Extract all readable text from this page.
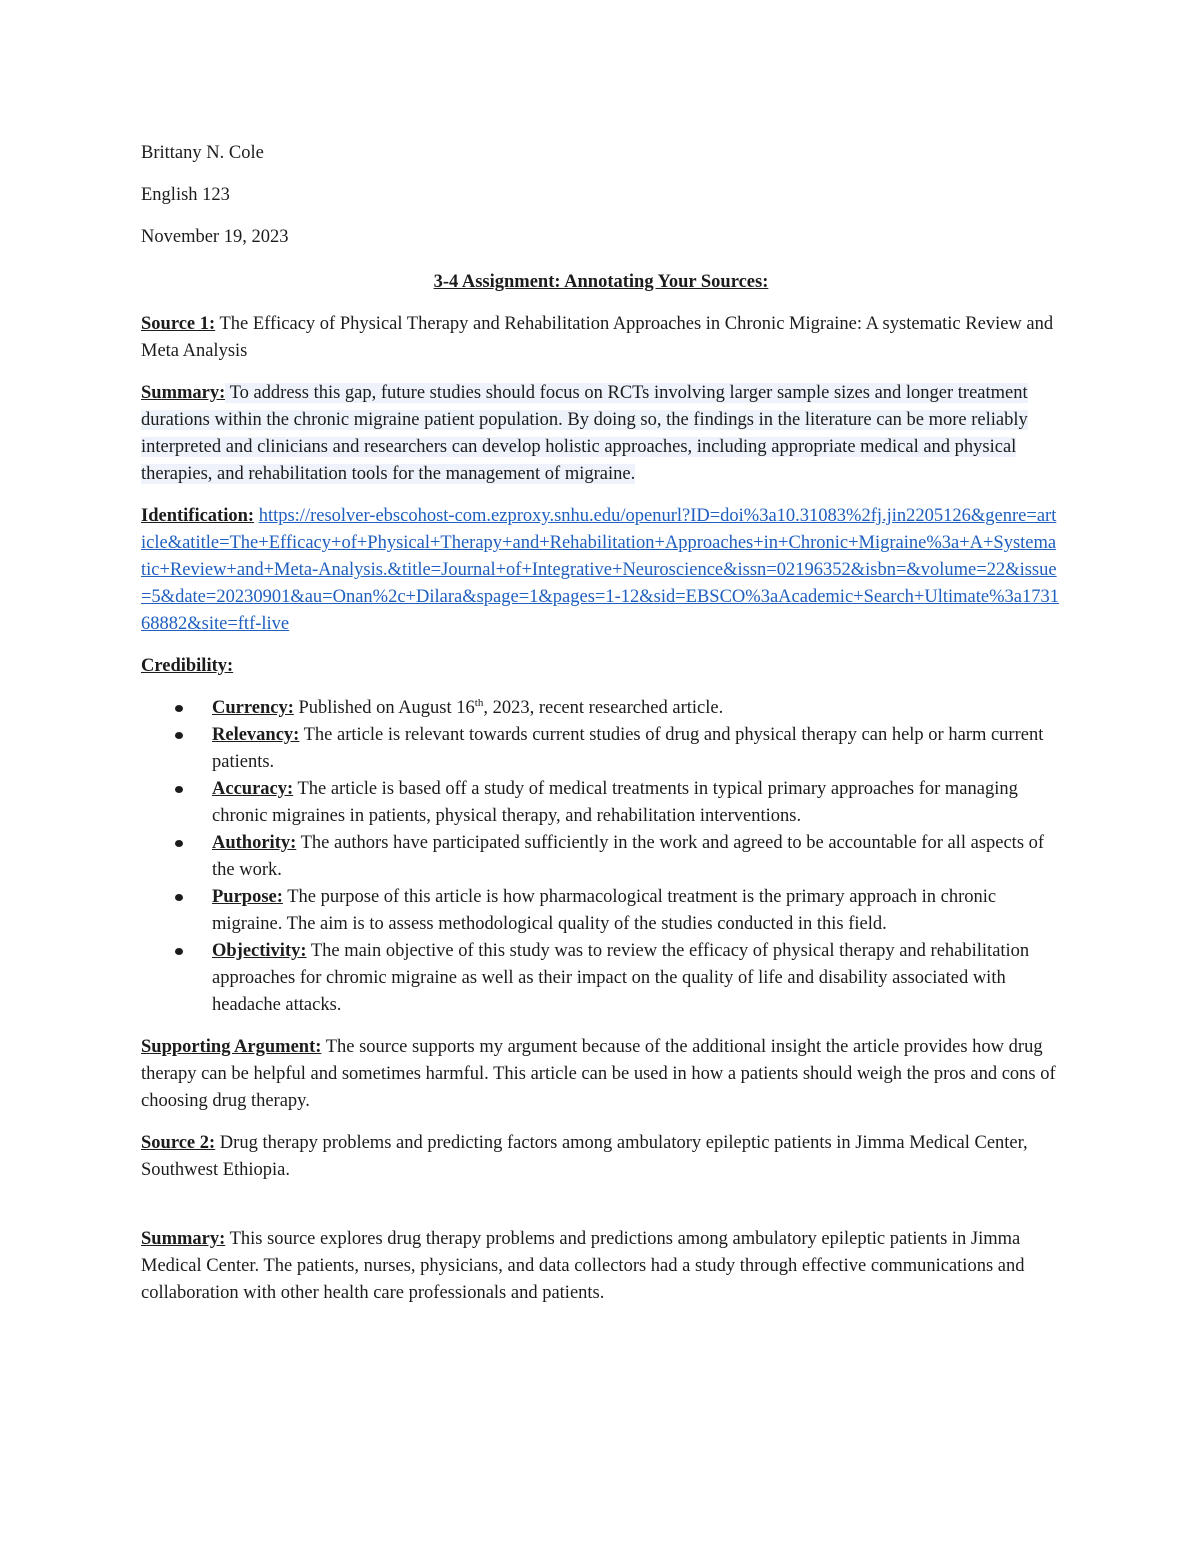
Brittany N. Cole

English 123

November 19, 2023

3-4 Assignment: Annotating Your Sources:

Source 1: The Efficacy of Physical Therapy and Rehabilitation Approaches in Chronic Migraine: A systematic Review and Meta Analysis

Summary: To address this gap, future studies should focus on RCTs involving larger sample sizes and longer treatment durations within the chronic migraine patient population. By doing so, the findings in the literature can be more reliably interpreted and clinicians and researchers can develop holistic approaches, including appropriate medical and physical therapies, and rehabilitation tools for the management of migraine.

Identification: https://resolver-ebscohost-com.ezproxy.snhu.edu/openurl?ID=doi%3a10.31083%2fj.jin2205126&genre=article&atitle=The+Efficacy+of+Physical+Therapy+and+Rehabilitation+Approaches+in+Chronic+Migraine%3a+A+Systematic+Review+and+Meta-Analysis.&title=Journal+of+Integrative+Neuroscience&issn=02196352&isbn=&volume=22&issue=5&date=20230901&au=Onan%2c+Dilara&spage=1&pages=1-12&sid=EBSCO%3aAcademic+Search+Ultimate%3a173168882&site=ftf-live

Credibility:

Currency: Published on August 16th, 2023, recent researched article.
Relevancy: The article is relevant towards current studies of drug and physical therapy can help or harm current patients.
Accuracy: The article is based off a study of medical treatments in typical primary approaches for managing chronic migraines in patients, physical therapy, and rehabilitation interventions.
Authority: The authors have participated sufficiently in the work and agreed to be accountable for all aspects of the work.
Purpose: The purpose of this article is how pharmacological treatment is the primary approach in chronic migraine. The aim is to assess methodological quality of the studies conducted in this field.
Objectivity: The main objective of this study was to review the efficacy of physical therapy and rehabilitation approaches for chromic migraine as well as their impact on the quality of life and disability associated with headache attacks.

Supporting Argument: The source supports my argument because of the additional insight the article provides how drug therapy can be helpful and sometimes harmful. This article can be used in how a patients should weigh the pros and cons of choosing drug therapy.

Source 2: Drug therapy problems and predicting factors among ambulatory epileptic patients in Jimma Medical Center, Southwest Ethiopia.

Summary: This source explores drug therapy problems and predictions among ambulatory epileptic patients in Jimma Medical Center. The patients, nurses, physicians, and data collectors had a study through effective communications and collaboration with other health care professionals and patients.
